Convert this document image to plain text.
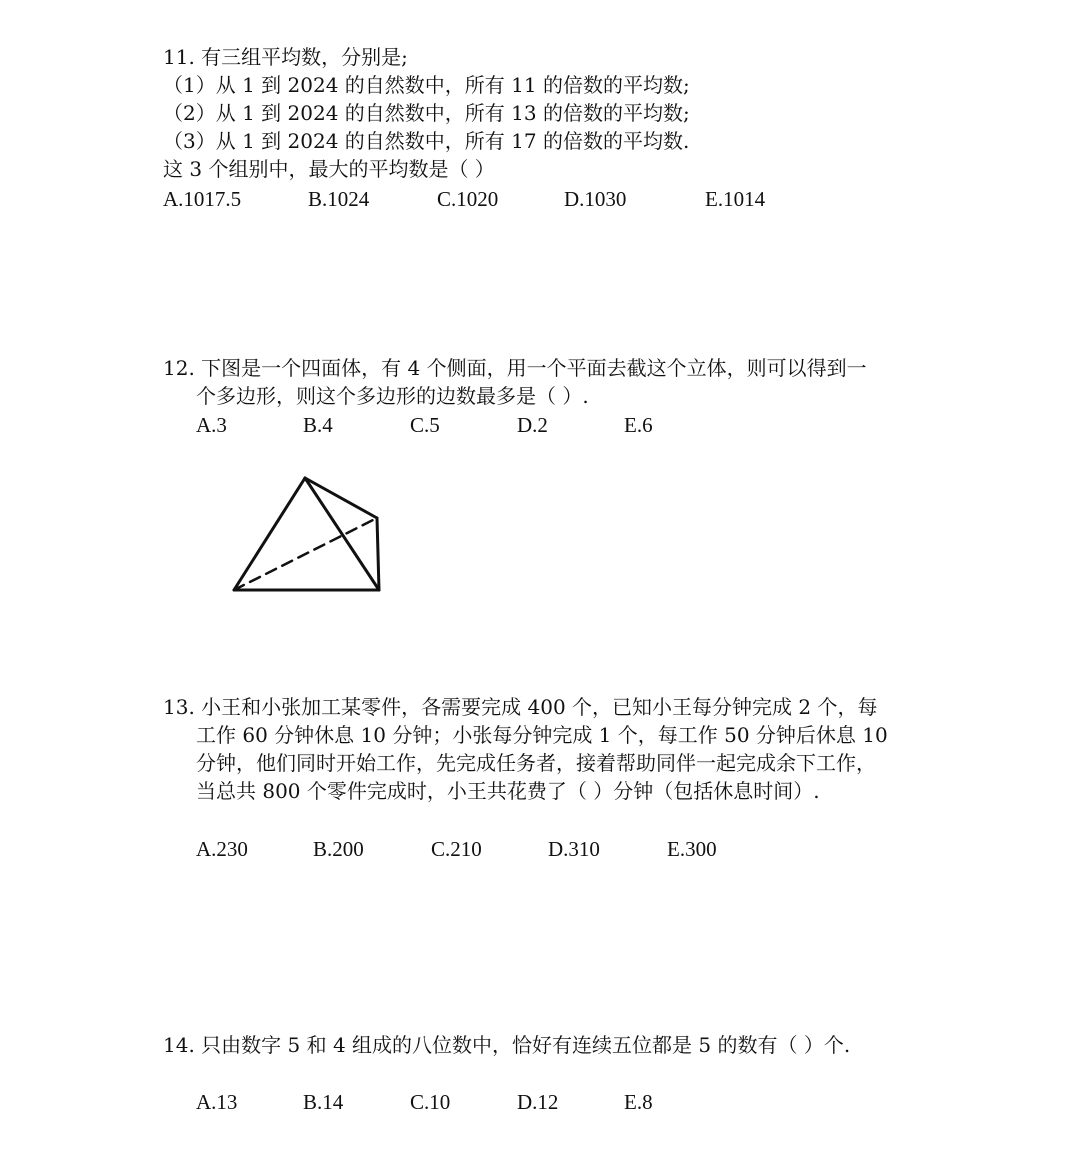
11. 有三组平均数，分别是;
（1）从 1 到 2024 的自然数中，所有 11 的倍数的平均数;
（2）从 1 到 2024 的自然数中，所有 13 的倍数的平均数;
（3）从 1 到 2024 的自然数中，所有 17 的倍数的平均数.
这 3 个组别中，最大的平均数是（ ）
A.1017.5	B.1024	C.1020	D.1030	E.1014
12. 下图是一个四面体，有 4 个侧面，用一个平面去截这个立体，则可以得到一
个多边形，则这个多边形的边数最多是（ ）.
A.3	B.4	C.5	D.2	E.6
13. 小王和小张加工某零件，各需要完成 400 个，已知小王每分钟完成 2 个，每
工作 60 分钟休息 10 分钟；小张每分钟完成 1 个，每工作 50 分钟后休息 10
分钟，他们同时开始工作，先完成任务者，接着帮助同伴一起完成余下工作，
当总共 800 个零件完成时，小王共花费了（ ）分钟（包括休息时间）.
A.230	B.200	C.210	D.310	E.300
14. 只由数字 5 和 4 组成的八位数中，恰好有连续五位都是 5 的数有（ ）个.
A.13	B.14	C.10	D.12	E.8
